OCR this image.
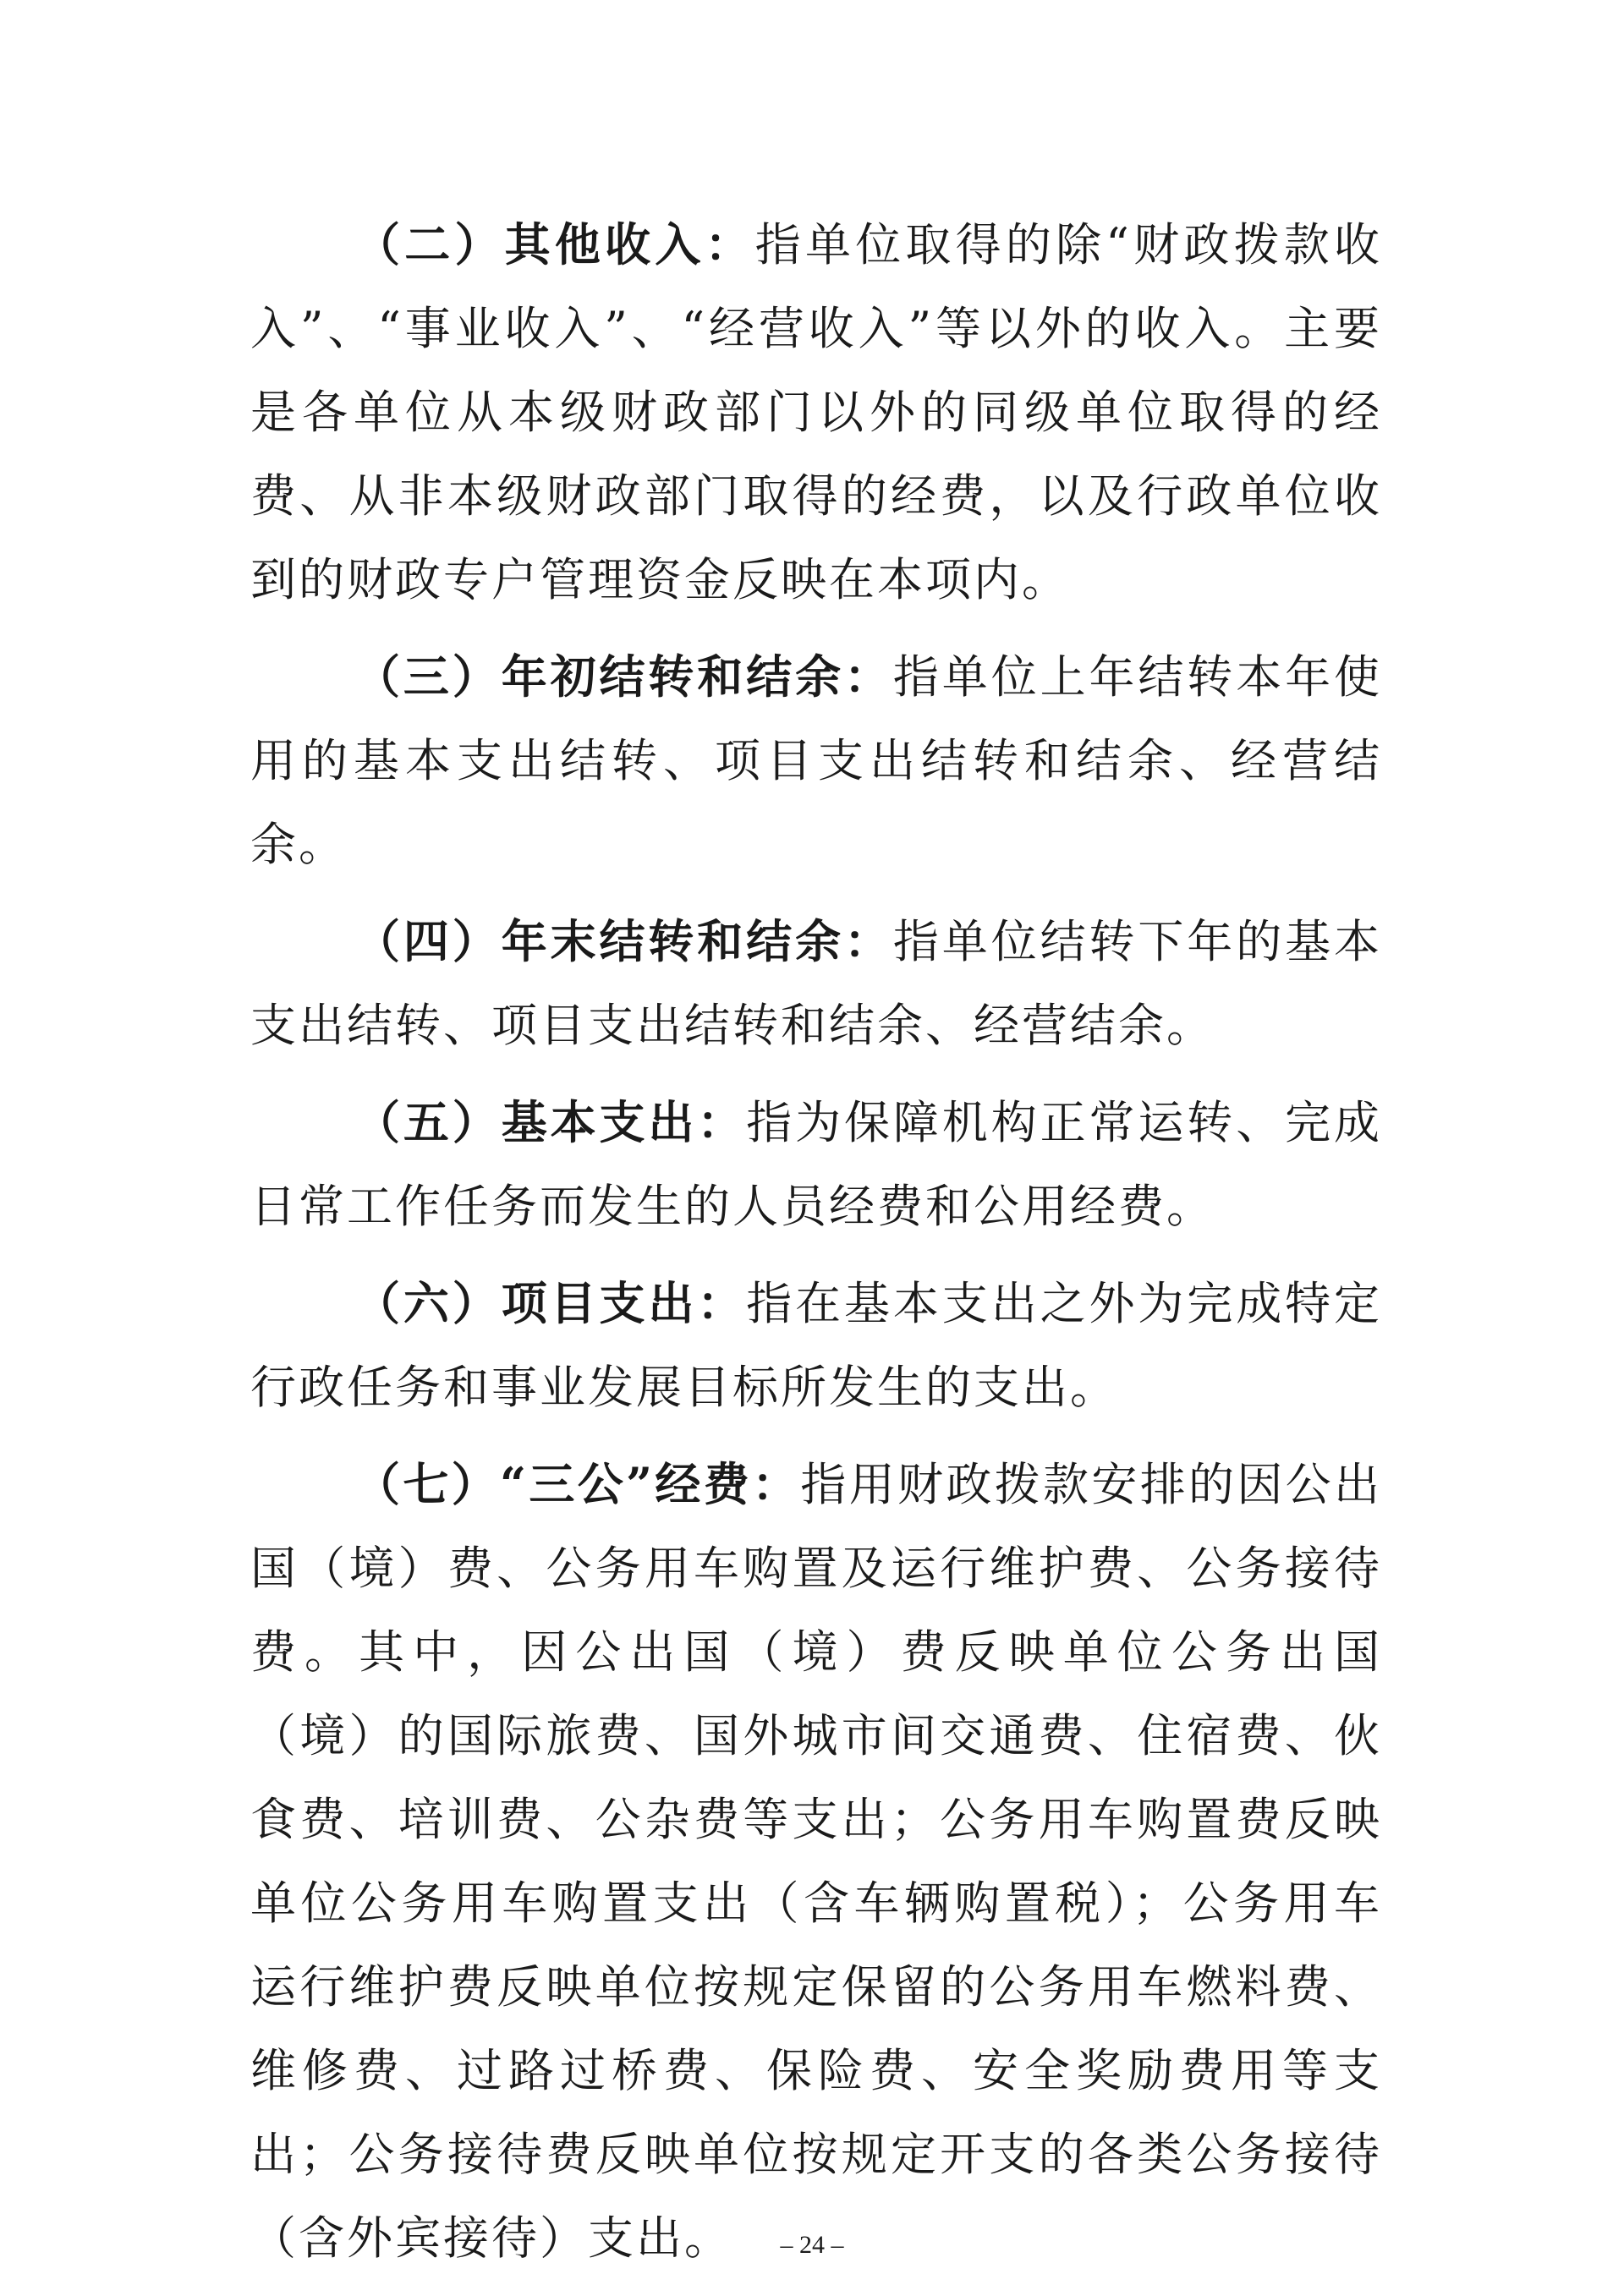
（二）其他收入：指单位取得的除“财政拨款收入”、“事业收入”、“经营收入”等以外的收入。主要是各单位从本级财政部门以外的同级单位取得的经费、从非本级财政部门取得的经费，以及行政单位收到的财政专户管理资金反映在本项内。

（三）年初结转和结余：指单位上年结转本年使用的基本支出结转、项目支出结转和结余、经营结余。

（四）年末结转和结余：指单位结转下年的基本支出结转、项目支出结转和结余、经营结余。

（五）基本支出：指为保障机构正常运转、完成日常工作任务而发生的人员经费和公用经费。

（六）项目支出：指在基本支出之外为完成特定行政任务和事业发展目标所发生的支出。

（七）“三公”经费：指用财政拨款安排的因公出国（境）费、公务用车购置及运行维护费、公务接待费。其中，因公出国（境）费反映单位公务出国（境）的国际旅费、国外城市间交通费、住宿费、伙食费、培训费、公杂费等支出；公务用车购置费反映单位公务用车购置支出（含车辆购置税）；公务用车运行维护费反映单位按规定保留的公务用车燃料费、维修费、过路过桥费、保险费、安全奖励费用等支出；公务接待费反映单位按规定开支的各类公务接待（含外宾接待）支出。	– 24 –
